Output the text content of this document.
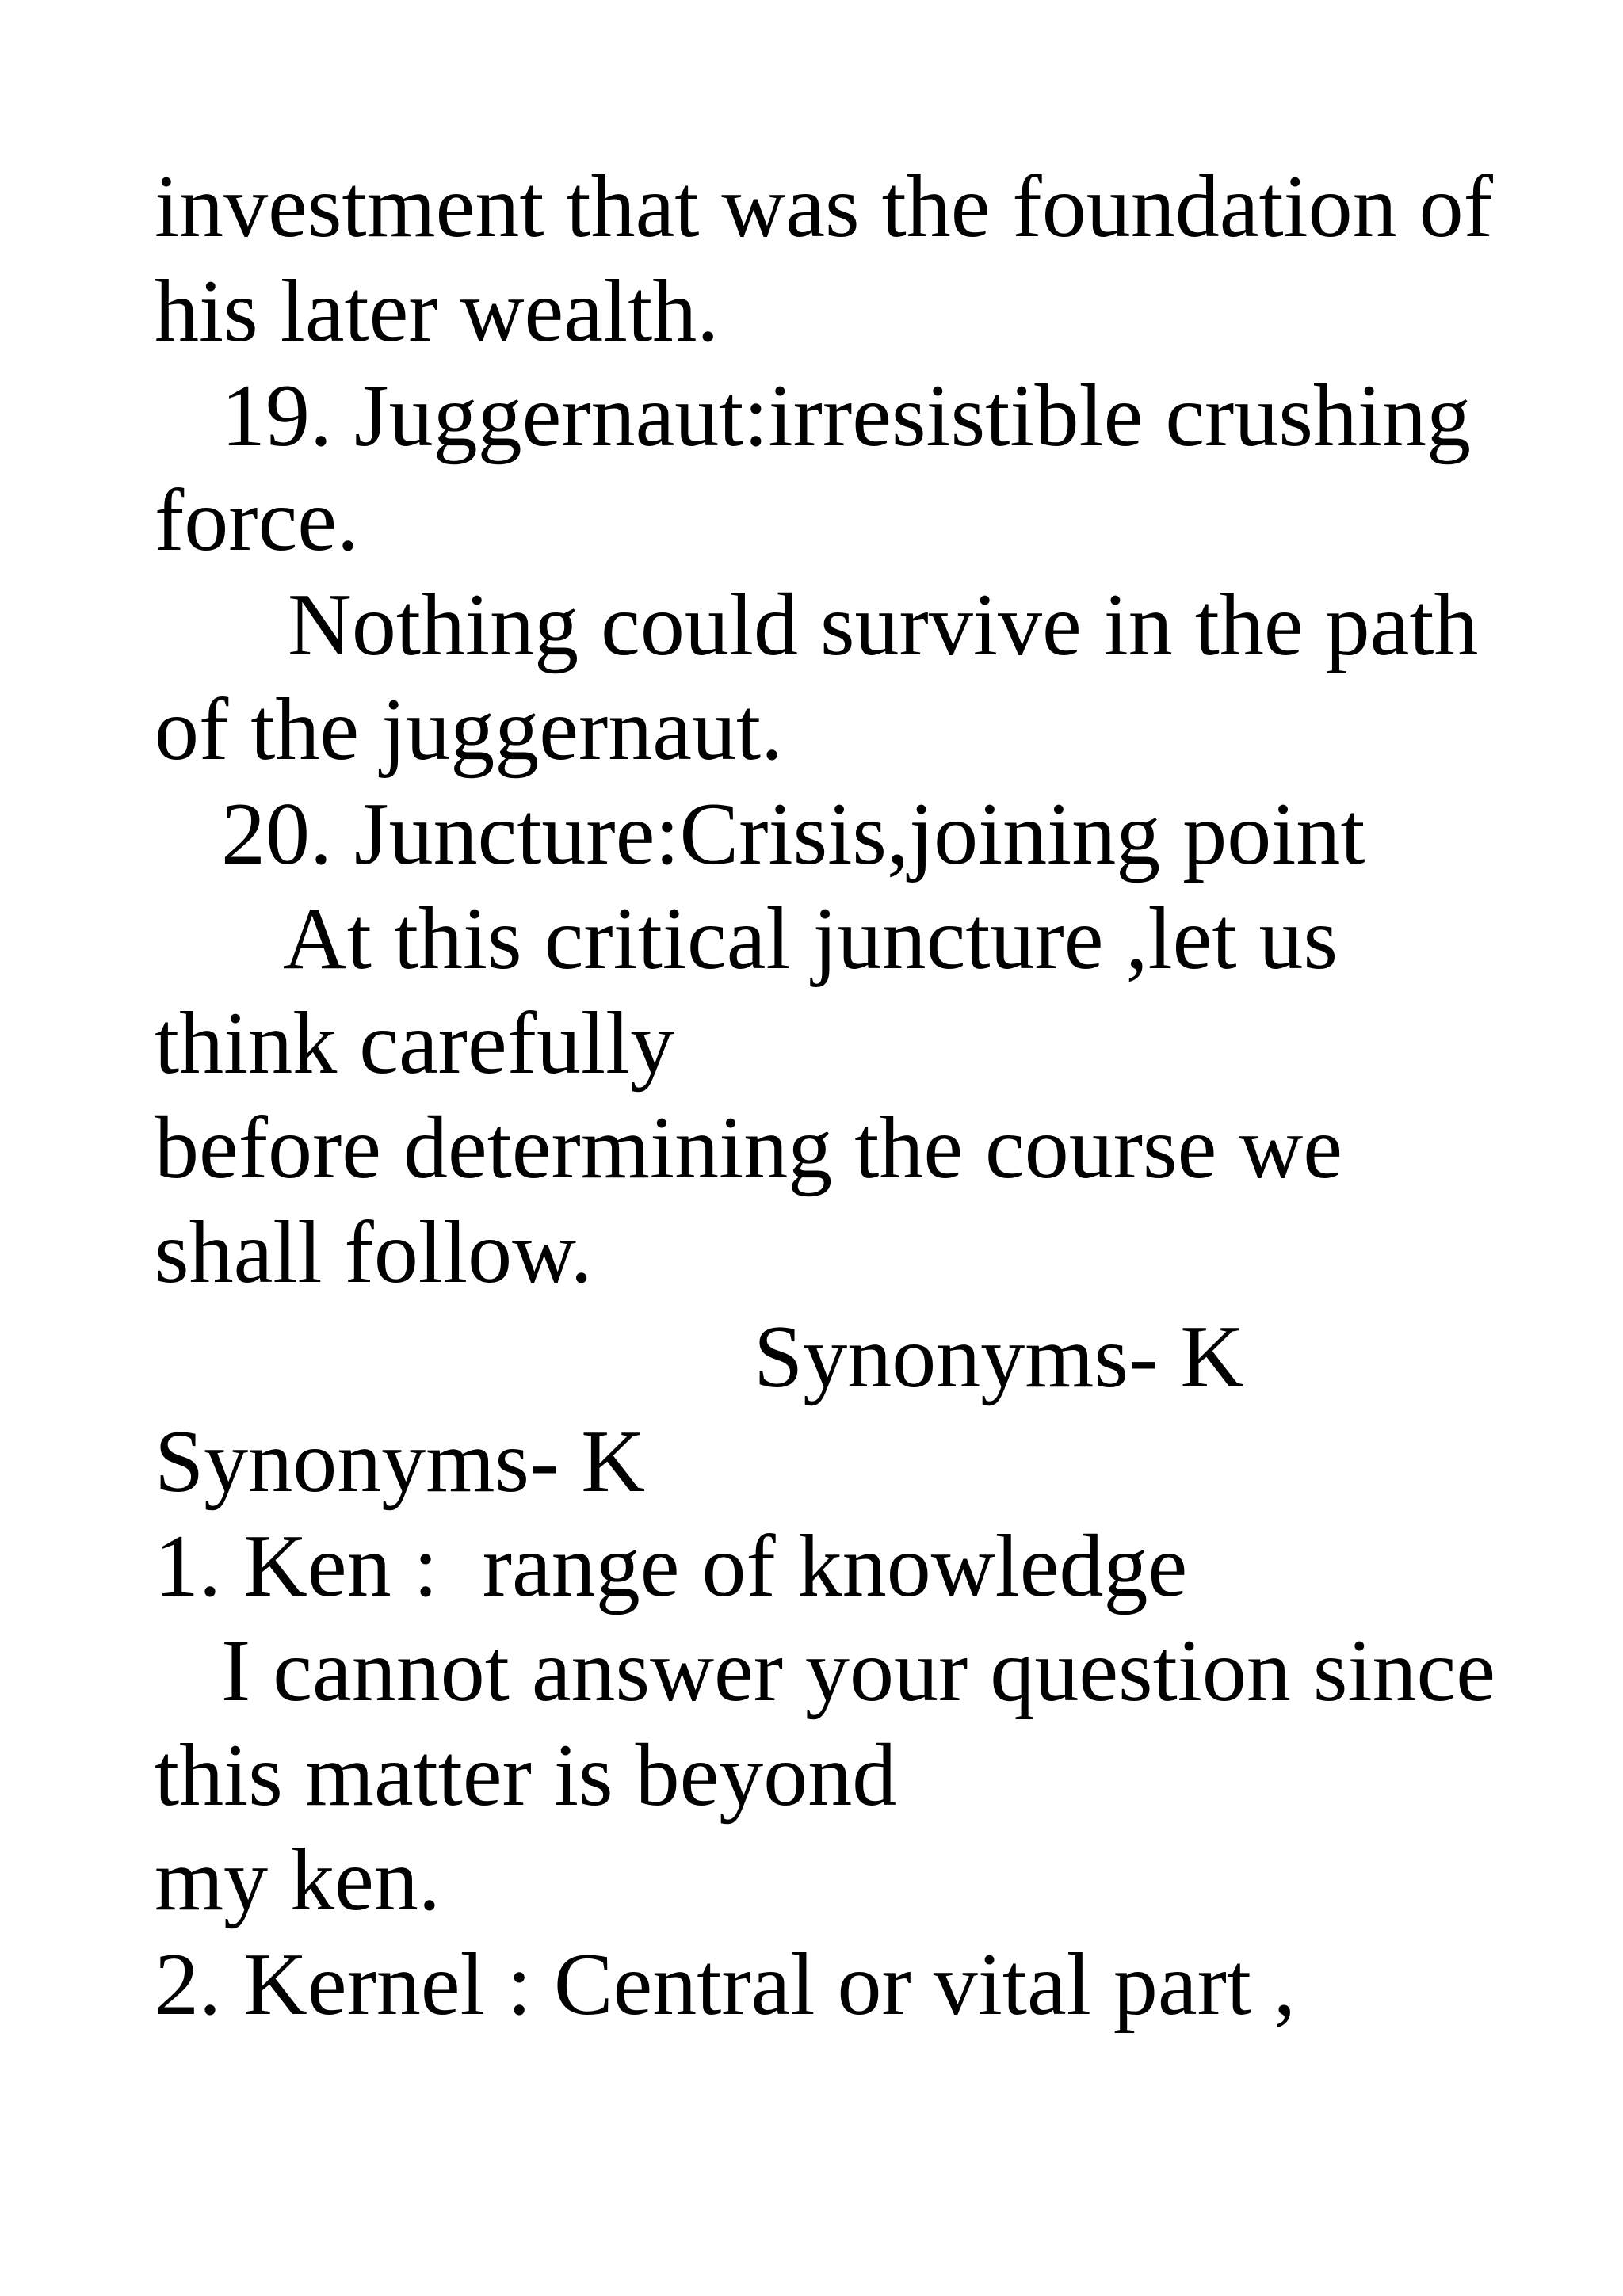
investment that was the foundation of
his later wealth.
19. Juggernaut:irresistible crushing
force.
Nothing could survive in the path
of the juggernaut.
20. Juncture:Crisis,joining point
At this critical juncture ,let us
think carefully
before determining the course we
shall follow.
Synonyms- K
Synonyms- K
1. Ken :  range of knowledge
I cannot answer your question since
this matter is beyond
my ken.
2. Kernel : Central or vital part ,
